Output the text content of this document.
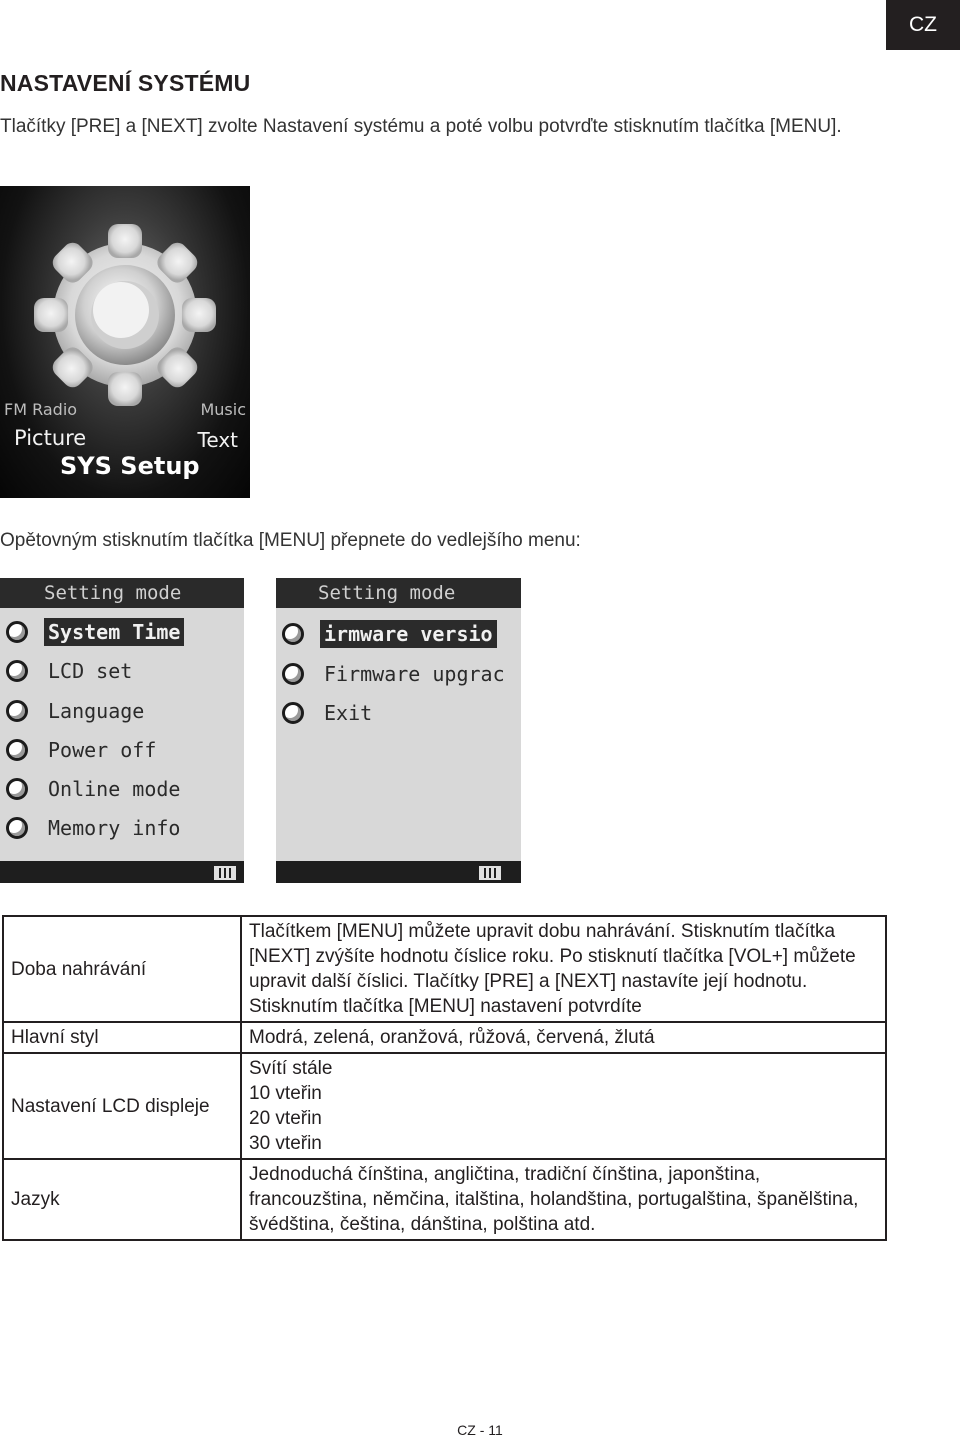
CZ
NASTAVENÍ SYSTÉMU
Tlačítky [PRE] a [NEXT] zvolte Nastavení systému a poté volbu potvrďte stisknutím tlačítka [MENU].
FM Radio	Music
Picture	Text
SYS Setup
Opětovným stisknutím tlačítka [MENU] přepnete do vedlejšího menu:
Setting mode
System Time
LCD set
Language
Power off
Online mode
Memory info
Setting mode
irmware versio
Firmware upgrac
Exit
Doba nahrávání	Tlačítkem [MENU] můžete upravit dobu nahrávání. Stisknutím tlačítka [NEXT] zvýšíte hodnotu číslice roku. Po stisknutí tlačítka [VOL+] můžete upravit další číslici. Tlačítky [PRE] a [NEXT] nastavíte její hodnotu. Stisknutím tlačítka [MENU] nastavení potvrdíte
Hlavní styl	Modrá, zelená, oranžová, růžová, červená, žlutá
Nastavení LCD displeje	Svítí stále
10 vteřin
20 vteřin
30 vteřin

Jazyk	Jednoduchá čínština, angličtina, tradiční čínština, japonština, francouzština, němčina, italština, holandština, portugalština, španělština, švédština, čeština, dánština, polština atd.
CZ - 11
